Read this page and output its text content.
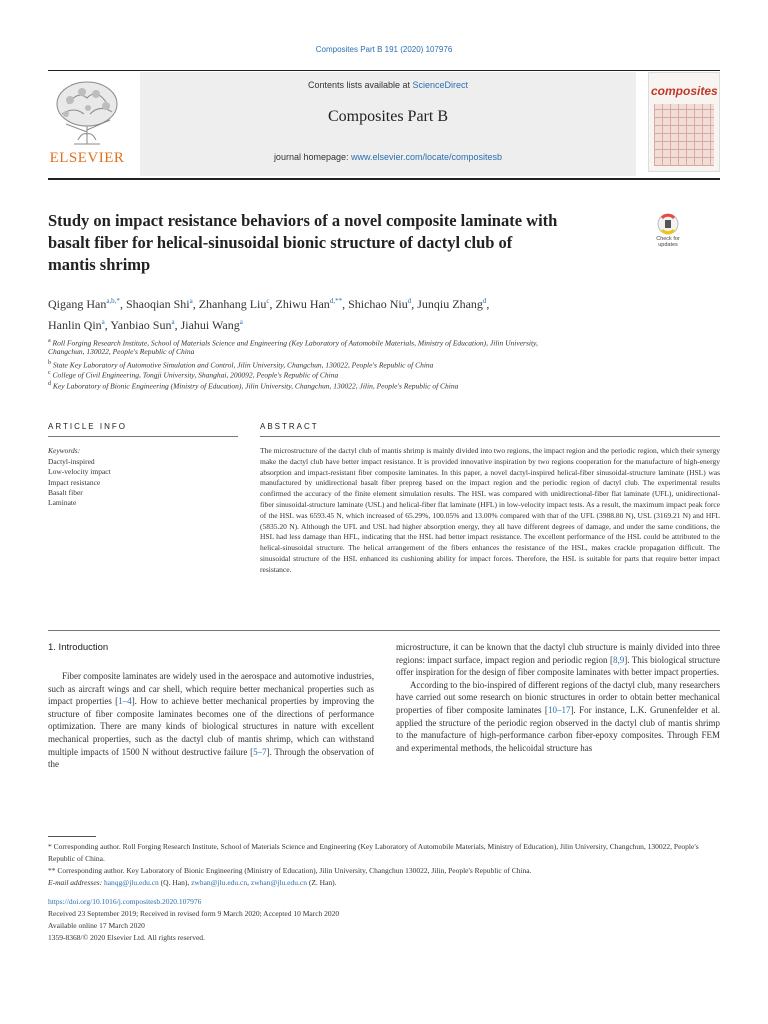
Composites Part B 191 (2020) 107976
ELSEVIER
Contents lists available at ScienceDirect
Composites Part B
journal homepage: www.elsevier.com/locate/compositesb
composites
Study on impact resistance behaviors of a novel composite laminate with
basalt fiber for helical-sinusoidal bionic structure of dactyl club of
mantis shrimp
Check for
updates
Qigang Han$^{a,b,*}$, Shaoqian Shi$^a$, Zhanhang Liu$^c$, Zhiwu Han$^{d,**}$, Shichao Niu$^d$, Junqiu Zhang$^d$,
Hanlin Qin$^a$, Yanbiao Sun$^a$, Jiahui Wang$^a$
$^a$ Roll Forging Research Institute, School of Materials Science and Engineering (Key Laboratory of Automobile Materials, Ministry of Education), Jilin University,
Changchun, 130022, People's Republic of China
$^b$ State Key Laboratory of Automotive Simulation and Control, Jilin University, Changchun, 130022, People's Republic of China
$^c$ College of Civil Engineering, Tongji University, Shanghai, 200092, People's Republic of China
$^d$ Key Laboratory of Bionic Engineering (Ministry of Education), Jilin University, Changchun, 130022, Jilin, People's Republic of China
ARTICLE INFO	ABSTRACT
Keywords:
Dactyl-inspired
Low-velocity impact
Impact resistance
Basalt fiber
Laminate
The microstructure of the dactyl club of mantis shrimp is mainly divided into two regions, the impact region and the periodic region, which their synergy make the dactyl club have better impact resistance. It is provided innovative inspiration by two regions cooperation for the manufacture of high-energy absorption and impact-resistant fiber composite laminates. In this paper, a novel dactyl-inspired helical-fiber sinusoidal-structure laminate (HSL) was manufactured by unidirectional basalt fiber prepreg based on the impact region and the periodic region of dactyl club. The experimental results confirmed the accuracy of the finite element simulation results. The HSL was compared with unidirectional-fiber flat laminate (UFL), unidirectional-fiber sinusoidal-structure laminate (USL) and helical-fiber flat laminate (HFL) in low-velocity impact tests. As a result, the maximum impact peak force of the HSL was 6593.45 N, which increased of 65.29%, 100.05% and 13.00% compared with that of the UFL (3988.80 N), USL (3169.21 N) and HFL (5835.20 N). Although the UFL and USL had higher absorption energy, they all have different degrees of damage, and under the same conditions, the HSL had less damage than HFL, indicating that the HSL had better impact resistance. The excellent performance of the HSL could be attributed to the helical-sinusoidal structure. The helical arrangement of the fibers enhances the resistance of the HSL, makes crackle propagation difficult. The sinusoidal structure of the HSL enhanced its cushioning ability for impact forces. Therefore, the HSL is suitable for parts that require better impact resistance.
1. Introduction

Fiber composite laminates are widely used in the aerospace and automotive industries, such as aircraft wings and car shell, which require better mechanical properties such as impact properties [1–4]. How to achieve better mechanical properties by improving the structure of fiber composite laminates becomes one of the directions of performance optimization. There are many kinds of biological structures in nature with excellent mechanical properties, such as the dactyl club of mantis shrimp, which can withstand multiple impacts of 1500 N without destructive failure [5–7]. Through the observation of the

microstructure, it can be known that the dactyl club structure is mainly divided into three regions: impact surface, impact region and periodic region [8,9]. This biological structure offer inspiration for the design of fiber composite laminates with better impact properties.

According to the bio-inspired of different regions of the dactyl club, many researchers have carried out some research on bionic structures in order to obtain better mechanical properties of fiber composite laminates [10–17]. For instance, L.K. Grunenfelder et al. applied the structure of the periodic region observed in the dactyl club of mantis shrimp to the manufacture of high-performance carbon fiber-epoxy composites. Through FEM and experimental methods, the helicoidal structure has

* Corresponding author. Roll Forging Research Institute, School of Materials Science and Engineering (Key Laboratory of Automobile Materials, Ministry of Education), Jilin University, Changchun, 130022, People's Republic of China.

** Corresponding author. Key Laboratory of Bionic Engineering (Ministry of Education), Jilin University, Changchun 130022, Jilin, People's Republic of China.

E-mail addresses: hanqg@jlu.edu.cn (Q. Han), zwhan@jlu.edu.cn, zwhan@jlu.edu.cn (Z. Han).

https://doi.org/10.1016/j.compositesb.2020.107976

Received 23 September 2019; Received in revised form 9 March 2020; Accepted 10 March 2020

Available online 17 March 2020

1359-8368/© 2020 Elsevier Ltd. All rights reserved.
